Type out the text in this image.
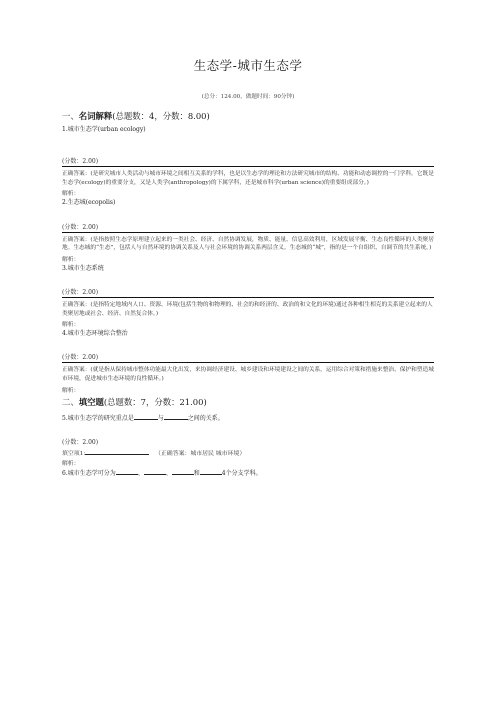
生态学-城市生态学
(总分：124.00，做题时间：90分钟)
一、名词解释(总题数：4，分数：8.00)
1.城市生态学(urban ecology)
(分数：2.00)
正确答案：(是研究城市人类活动与城市环境之间相互关系的学科，也是以生态学的理论和方法研究城市的结构、功能和动态调控的一门学科。它既是生态学(ecology)的重要分支，又是人类学(anthropology)的下属学科，还是城市科学(urban science)的重要组成部分。)
解析：
2.生态城(ecopolis)
(分数：2.00)
正确答案：(是指按照生态学原理建立起来的一类社会、经济、自然协调发展，物质、能量、信息高效利用，区域发展平衡、生态良性循环的人类聚居地。生态城的“生态”，包括人与自然环境的协调关系及人与社会环境的协调关系两层含义。生态城的“城”，指的是一个自组织、自调节的共生系统。)
解析：
3.城市生态系统
(分数：2.00)
正确答案：(是指特定地域内人口、资源、环境(包括生物的和物理的、社会的和经济的、政治的和文化的环境)通过各种相生相克的关系建立起来的人类聚居地或社会、经济、自然复合体。)
解析：
4.城市生态环境综合整治
(分数：2.00)
正确答案：(就是指从保持城市整体功能最大化出发，来协调经济建设、城乡建设和环境建设之间的关系，运用综合对策和措施来整治、保护和塑造城市环境，促进城市生态环境的良性循环。)
解析：
二、填空题(总题数：7，分数：21.00)
5.城市生态学的研究重点是	与	之间的关系。
(分数：2.00)
填空项1:	（正确答案：城市居民 城市环境）
解析：
6.城市生态学可分为	、	、	和	4个分支学科。
